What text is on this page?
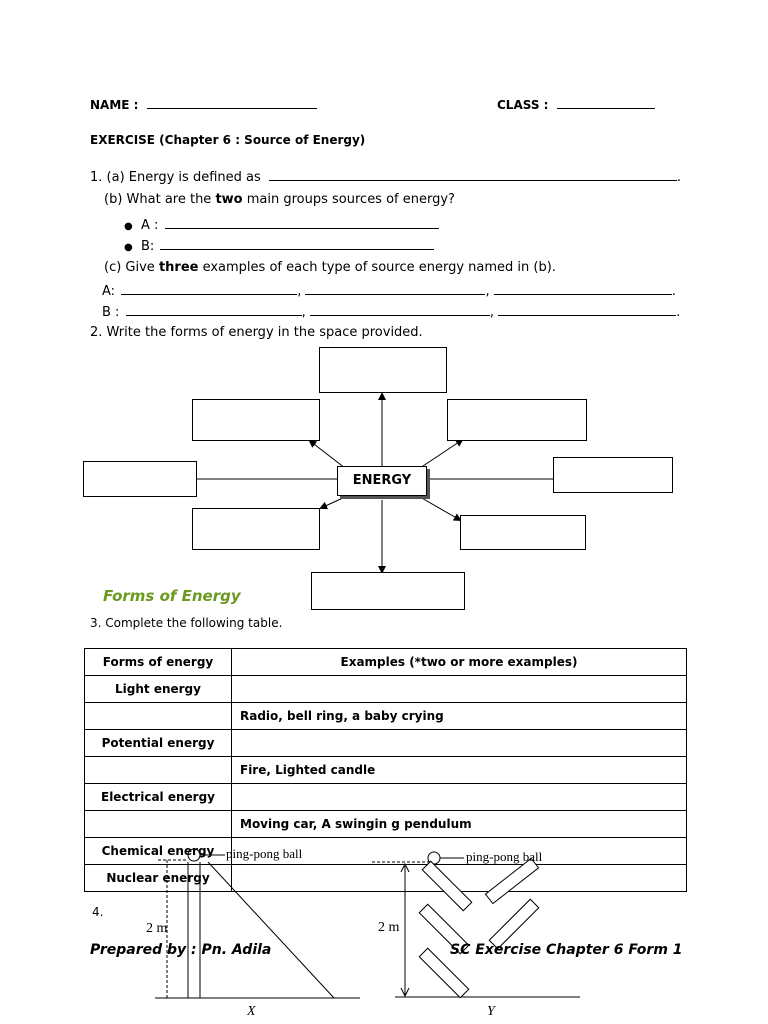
NAME :	CLASS :
EXERCISE (Chapter 6 : Source of Energy)
1. (a) Energy is defined as	.
(b) What are the two main groups sources of energy?
● A :
● B:
(c) Give three examples of each type of source energy named in (b).
A:	,	,	.
B :	,	,	.
2. Write the forms of energy in the space provided.
ENERGY
Forms of Energy
3. Complete the following table.
Forms of energy	Examples (*two or more examples)
Light energy	
	Radio, bell ring, a baby crying
Potential energy	
	Fire, Lighted candle
Electrical energy	
	Moving car, A swingin g pendulum
Chemical energy	
Nuclear energy	
ping-pong ball	ping-pong ball
4.
2 m	2 m
Prepared by : Pn. Adila	SC Exercise Chapter 6 Form 1
X	Y
